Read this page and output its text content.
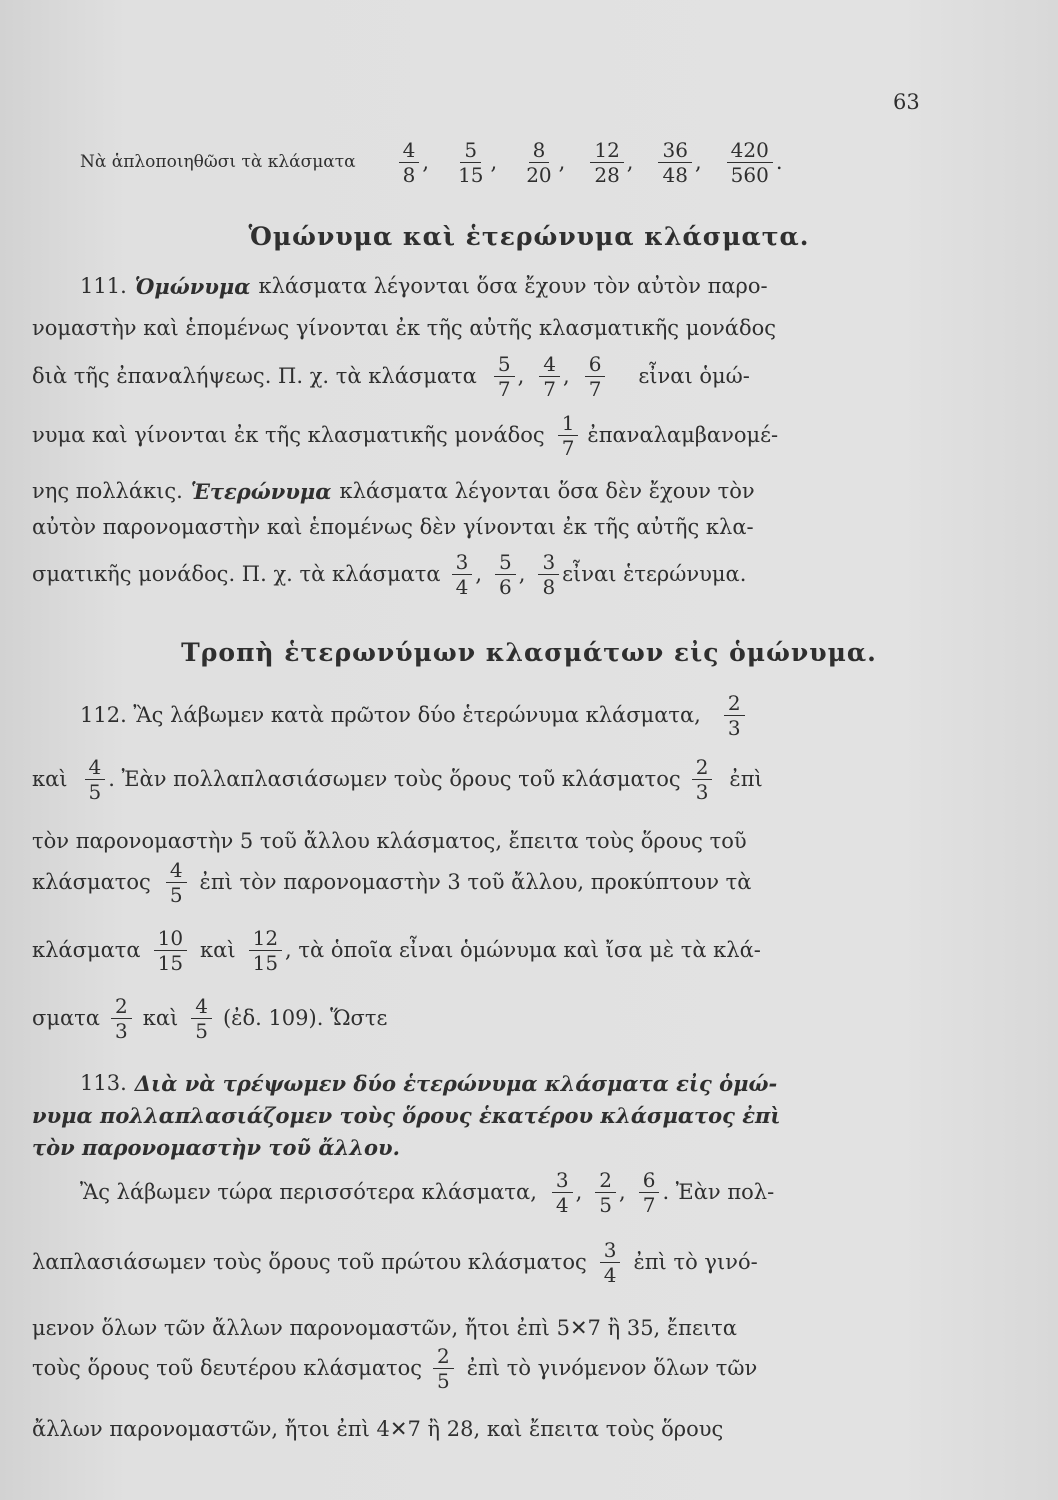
63
Νὰ ἁπλοποιηθῶσι τὰ κλάσματα $\frac{4}{8}$ , $\frac{5}{15}$ , $\frac{8}{20}$ , $\frac{12}{28}$ , $\frac{36}{48}$ , $\frac{420}{560}$ .
Ὁμώνυμα καὶ ἑτερώνυμα κλάσματα.
111. Ὁμώνυμα κλάσματα λέγονται ὅσα ἔχουν τὸν αὐτὸν παρο-
νομαστὴν καὶ ἑπομένως γίνονται ἐκ τῆς αὐτῆς κλασματικῆς μονάδος
διὰ τῆς ἐπαναλήψεως. Π. χ. τὰ κλάσματα $\frac{5}{7}$ , $\frac{4}{7}$ , $\frac{6}{7}$ εἶναι ὁμώ-
νυμα καὶ γίνονται ἐκ τῆς κλασματικῆς μονάδος $\frac{1}{7}$ ἐπαναλαμβανομέ-
νης πολλάκις. Ἑτερώνυμα κλάσματα λέγονται ὅσα δὲν ἔχουν τὸν
αὐτὸν παρονομαστὴν καὶ ἑπομένως δὲν γίνονται ἐκ τῆς αὐτῆς κλα-
σματικῆς μονάδος. Π. χ. τὰ κλάσματα $\frac{3}{4}$ , $\frac{5}{6}$ , $\frac{3}{8}$ εἶναι ἑτερώνυμα.
Τροπὴ ἑτερωνύμων κλασμάτων εἰς ὁμώνυμα.
112. Ἂς λάβωμεν κατὰ πρῶτον δύο ἑτερώνυμα κλάσματα, $\frac{2}{3}$
καὶ $\frac{4}{5}$ . Ἐὰν πολλαπλασιάσωμεν τοὺς ὅρους τοῦ κλάσματος $\frac{2}{3}$ ἐπὶ
τὸν παρονομαστὴν 5 τοῦ ἄλλου κλάσματος, ἔπειτα τοὺς ὅρους τοῦ
κλάσματος $\frac{4}{5}$ ἐπὶ τὸν παρονομαστὴν 3 τοῦ ἄλλου, προκύπτουν τὰ
κλάσματα $\frac{10}{15}$ καὶ $\frac{12}{15}$ , τὰ ὁποῖα εἶναι ὁμώνυμα καὶ ἴσα μὲ τὰ κλά-
σματα $\frac{2}{3}$ καὶ $\frac{4}{5}$ (ἐδ. 109). Ὥστε
113. Διὰ νὰ τρέψωμεν δύο ἑτερώνυμα κλάσματα εἰς ὁμώ-
νυμα πολλαπλασιάζομεν τοὺς ὅρους ἑκατέρου κλάσματος ἐπὶ
τὸν παρονομαστὴν τοῦ ἄλλου.
Ἂς λάβωμεν τώρα περισσότερα κλάσματα, $\frac{3}{4}$ , $\frac{2}{5}$ , $\frac{6}{7}$ . Ἐὰν πολ-
λαπλασιάσωμεν τοὺς ὅρους τοῦ πρώτου κλάσματος $\frac{3}{4}$ ἐπὶ τὸ γινό-
μενον ὅλων τῶν ἄλλων παρονομαστῶν, ἤτοι ἐπὶ 5✕7 ἢ 35, ἔπειτα
τοὺς ὅρους τοῦ δευτέρου κλάσματος $\frac{2}{5}$ ἐπὶ τὸ γινόμενον ὅλων τῶν
ἄλλων παρονομαστῶν, ἤτοι ἐπὶ 4✕7 ἢ 28, καὶ ἔπειτα τοὺς ὅρους
